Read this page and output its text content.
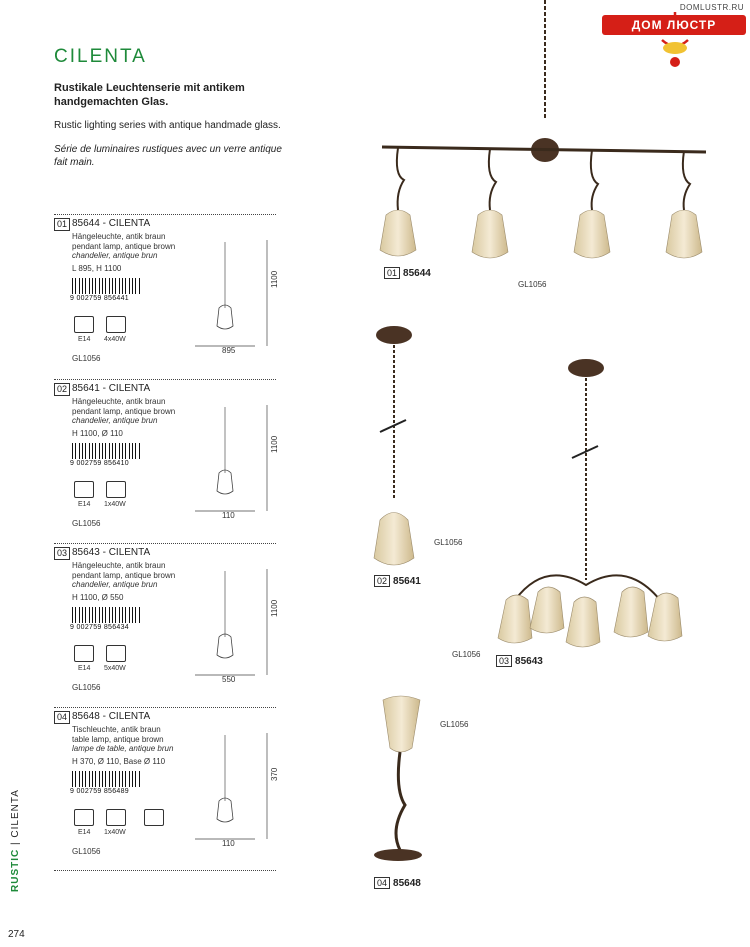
CILENTA
Rustikale Leuchtenserie mit antikem handgemachten Glas.
Rustic lighting series with antique handmade glass.
Série de luminaires rustiques avec un verre antique fait main.
DOMLUSTR.RU
ДОМ ЛЮСТР
01 85644 - CILENTA
Hängeleuchte, antik braun
pendant lamp, antique brown
chandelier, antique brun
L 895, H 1100
9 002759 856441
E14 4x40W
GL1056
1100
895
02 85641 - CILENTA
Hängeleuchte, antik braun
pendant lamp, antique brown
chandelier, antique brun
H 1100, Ø 110
9 002759 856410
E14 1x40W
GL1056
1100
110
03 85643 - CILENTA
Hängeleuchte, antik braun
pendant lamp, antique brown
chandelier, antique brun
H 1100, Ø 550
9 002759 856434
E14 5x40W
GL1056
1100
550
04 85648 - CILENTA
Tischleuchte, antik braun
table lamp, antique brown
lampe de table, antique brun
H 370, Ø 110, Base Ø 110
9 002759 856489
E14 1x40W
GL1056
370
110
RUSTIC | CILENTA
274
01 85644
GL1056
02 85641
GL1056
03 85643
GL1056
04 85648
GL1056
